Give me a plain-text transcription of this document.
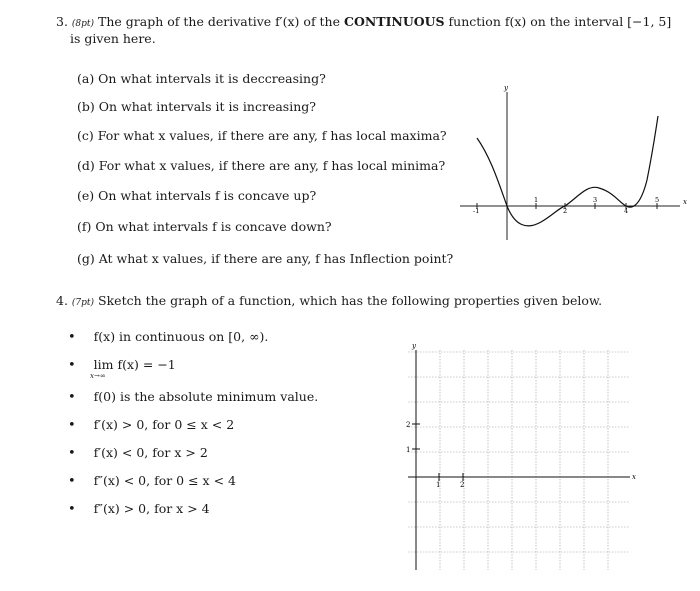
3. (8pt) The graph of the derivative f′(x) of the CONTINUOUS function f(x) on the interval [−1, 5]
is given here.
(a) On what intervals it is deccreasing?
(b) On what intervals it is increasing?
(c) For what x values, if there are any, f has local maxima?
(d) For what x values, if there are any, f has local minima?
(e) On what intervals f is concave up?
(f) On what intervals f is concave down?
(g) At what x values, if there are any, f has Inflection point?
x
y
-1
1
2
3
4
5
4. (7pt) Sketch the graph of a function, which has the following properties given below.
• f(x) in continuous on [0, ∞).
• lim f(x) = −1
x→∞
• f(0) is the absolute minimum value.
• f′(x) > 0, for 0 ≤ x < 2
• f′(x) < 0, for x > 2
• f″(x) < 0, for 0 ≤ x < 4
• f″(x) > 0, for x > 4
x
y
1	2
2
1
